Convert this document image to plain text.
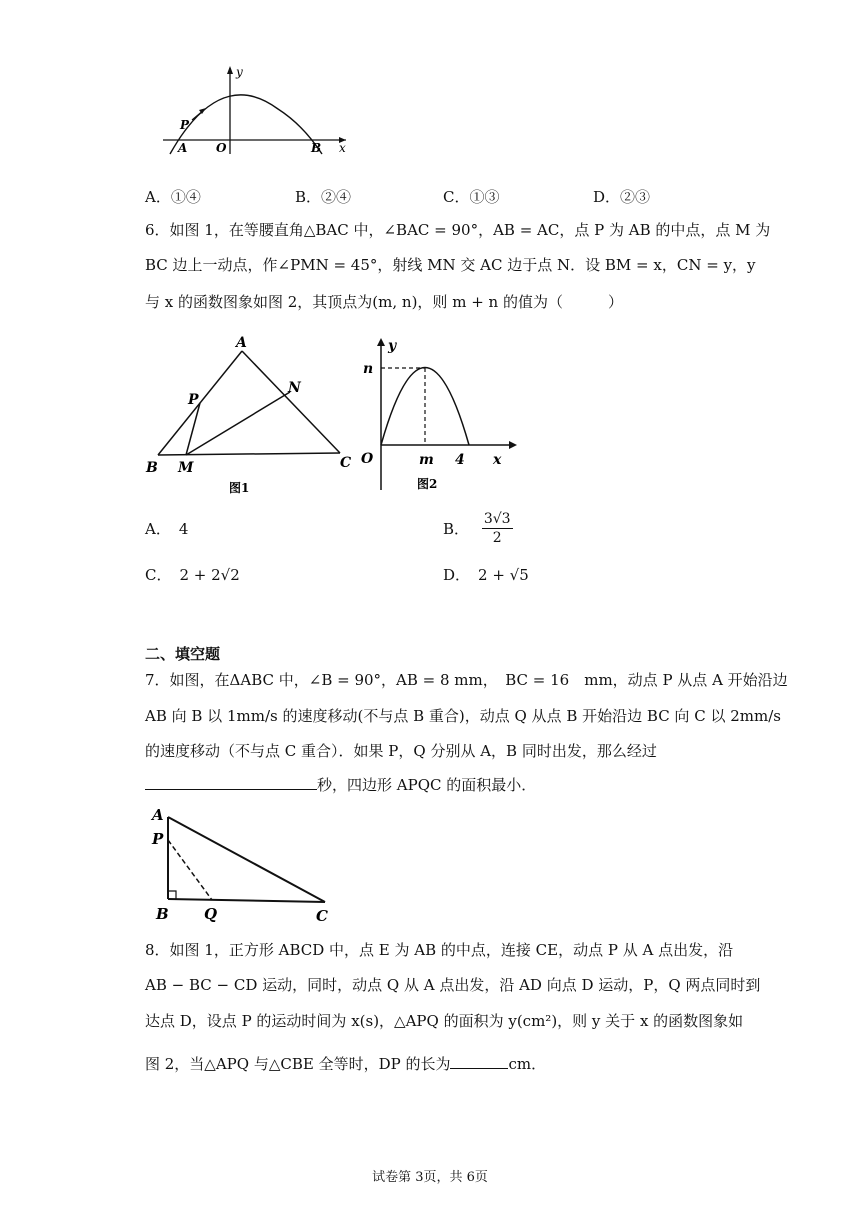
y
x
P
A O	B
A．①④	B．②④	C．①③	D．②③
6．如图 1，在等腰直角△BAC 中，∠BAC = 90°，AB = AC，点 P 为 AB 的中点，点 M 为
BC 边上一动点，作∠PMN = 45°，射线 MN 交 AC 边于点 N．设 BM = x，CN = y，y
与 x 的函数图象如图 2，其顶点为(m, n)，则 m + n 的值为（　　　）
A
B	C
P
M
N
图1
y
n
O	m 4 x
图2
A． 4	B． $\frac{3√3}{2}$
C． 2 + 2√2	D． 2 + √5
二、填空题
7．如图，在ΔABC 中，∠B = 90°，AB = 8 mm，　BC = 16　mm，动点 P 从点 A 开始沿边
AB 向 B 以 1mm/s 的速度移动(不与点 B 重合)，动点 Q 从点 B 开始沿边 BC 向 C 以 2mm/s
的速度移动（不与点 C 重合）．如果 P，Q 分别从 A，B 同时出发，那么经过
秒，四边形 APQC 的面积最小．
A
P
B Q	C
8．如图 1，正方形 ABCD 中，点 E 为 AB 的中点，连接 CE，动点 P 从 A 点出发，沿
AB − BC − CD 运动，同时，动点 Q 从 A 点出发，沿 AD 向点 D 运动，P，Q 两点同时到
达点 D，设点 P 的运动时间为 x(s)，△APQ 的面积为 y(cm²)，则 y 关于 x 的函数图象如
图 2，当△APQ 与△CBE 全等时，DP 的长为	cm．
试卷第 3页，共 6页
